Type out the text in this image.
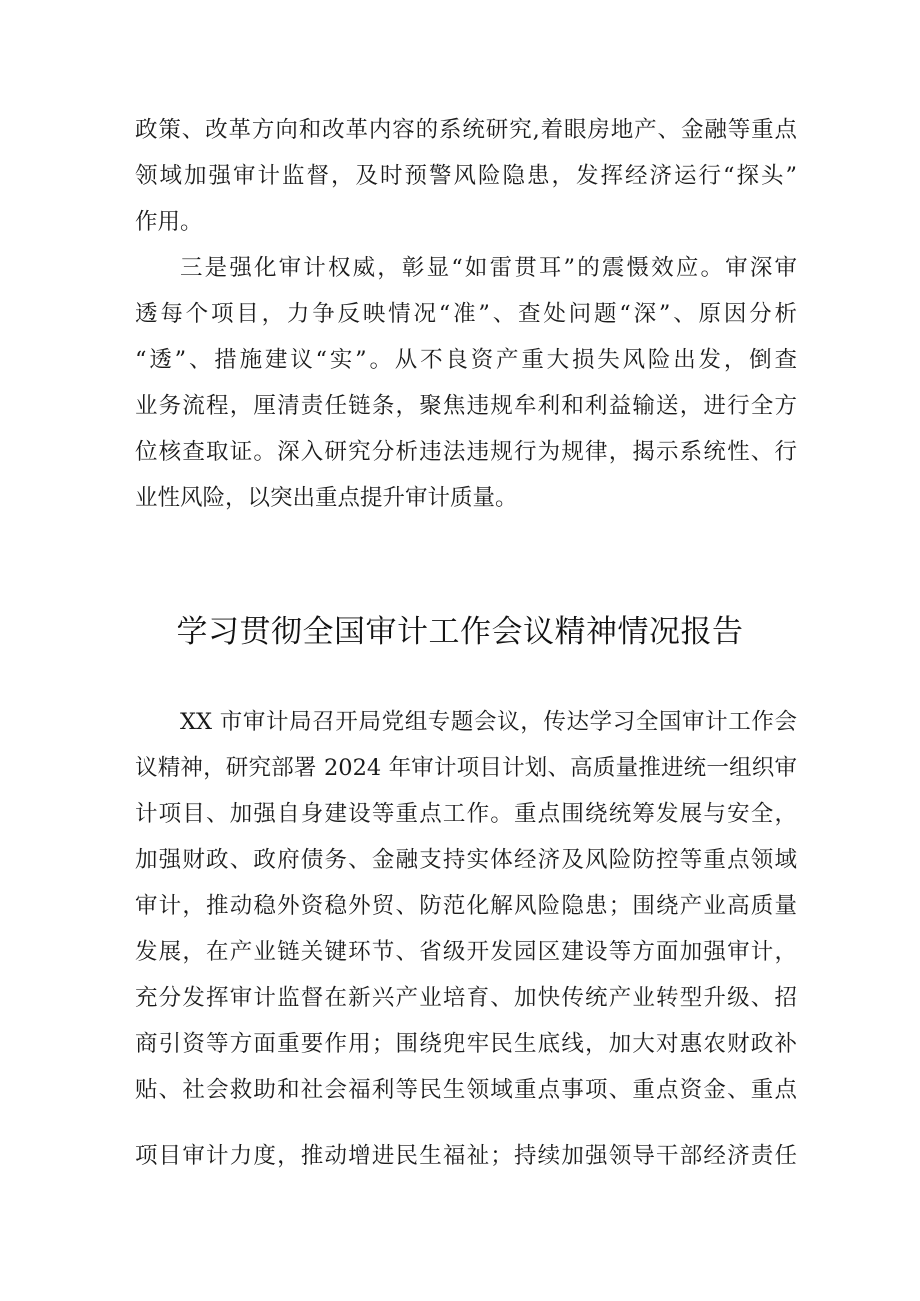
政策、改革方向和改革内容的系统研究,着眼房地产、金融等重点
领域加强审计监督，及时预警风险隐患，发挥经济运行“探头”
作用。
三是强化审计权威，彰显“如雷贯耳”的震慑效应。审深审
透每个项目，力争反映情况“准”、查处问题“深”、原因分析
“透”、措施建议“实”。从不良资产重大损失风险出发，倒查
业务流程，厘清责任链条，聚焦违规牟利和利益输送，进行全方
位核查取证。深入研究分析违法违规行为规律，揭示系统性、行
业性风险，以突出重点提升审计质量。
学习贯彻全国审计工作会议精神情况报告
XX 市审计局召开局党组专题会议，传达学习全国审计工作会
议精神，研究部署 2024 年审计项目计划、高质量推进统一组织审
计项目、加强自身建设等重点工作。重点围绕统筹发展与安全，
加强财政、政府债务、金融支持实体经济及风险防控等重点领域
审计，推动稳外资稳外贸、防范化解风险隐患；围绕产业高质量
发展，在产业链关键环节、省级开发园区建设等方面加强审计，
充分发挥审计监督在新兴产业培育、加快传统产业转型升级、招
商引资等方面重要作用；围绕兜牢民生底线，加大对惠农财政补
贴、社会救助和社会福利等民生领域重点事项、重点资金、重点
项目审计力度，推动增进民生福祉；持续加强领导干部经济责任
